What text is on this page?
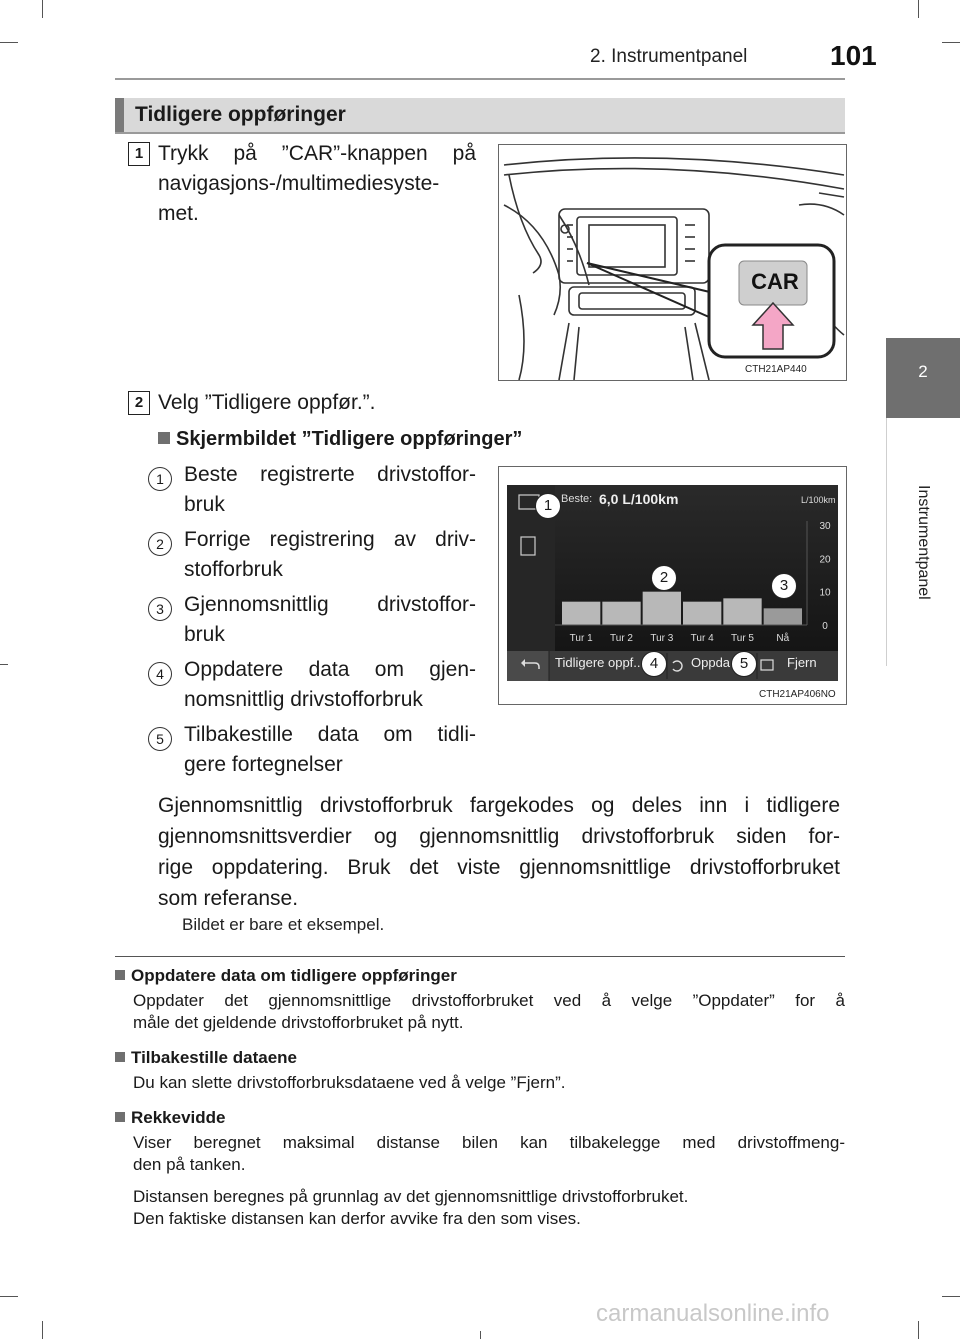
2. Instrumentpanel	101
2
Instrumentpanel
Tidligere oppføringer
1 Trykk på ”CAR”-knappen på
navigasjons-/multimediesyste-
met.
CAR
CTH21AP440
2 Velg ”Tidligere oppfør.”.
Skjermbildet ”Tidligere oppføringer”
1 Beste registrerte drivstoffor-
bruk
2 Forrige registrering av driv-
stofforbruk
3 Gjennomsnittlig drivstoffor-
bruk
4 Oppdatere data om gjen-
nomsnittlig drivstofforbruk
5 Tilbakestille data om tidli-
gere fortegnelser
Tur 1 Tur 2 Tur 3 Tur 4 Tur 5 Nå
30
20
10
0
Beste: 6,0 L/100km	L/100km
Tidligere oppf..	Oppda	Fjern
1
2	3
4	5
CTH21AP406NO
Gjennomsnittlig drivstofforbruk fargekodes og deles inn i tidligere
gjennomsnittsverdier og gjennomsnittlig drivstofforbruk siden for-
rige oppdatering. Bruk det viste gjennomsnittlige drivstofforbruket
som referanse.
Bildet er bare et eksempel.
Oppdatere data om tidligere oppføringer
Oppdater det gjennomsnittlige drivstofforbruket ved å velge ”Oppdater” for å
måle det gjeldende drivstofforbruket på nytt.
Tilbakestille dataene
Du kan slette drivstofforbruksdataene ved å velge ”Fjern”.
Rekkevidde
Viser beregnet maksimal distanse bilen kan tilbakelegge med drivstoffmeng-
den på tanken.
Distansen beregnes på grunnlag av det gjennomsnittlige drivstofforbruket.
Den faktiske distansen kan derfor avvike fra den som vises.
carmanualsonline.info
